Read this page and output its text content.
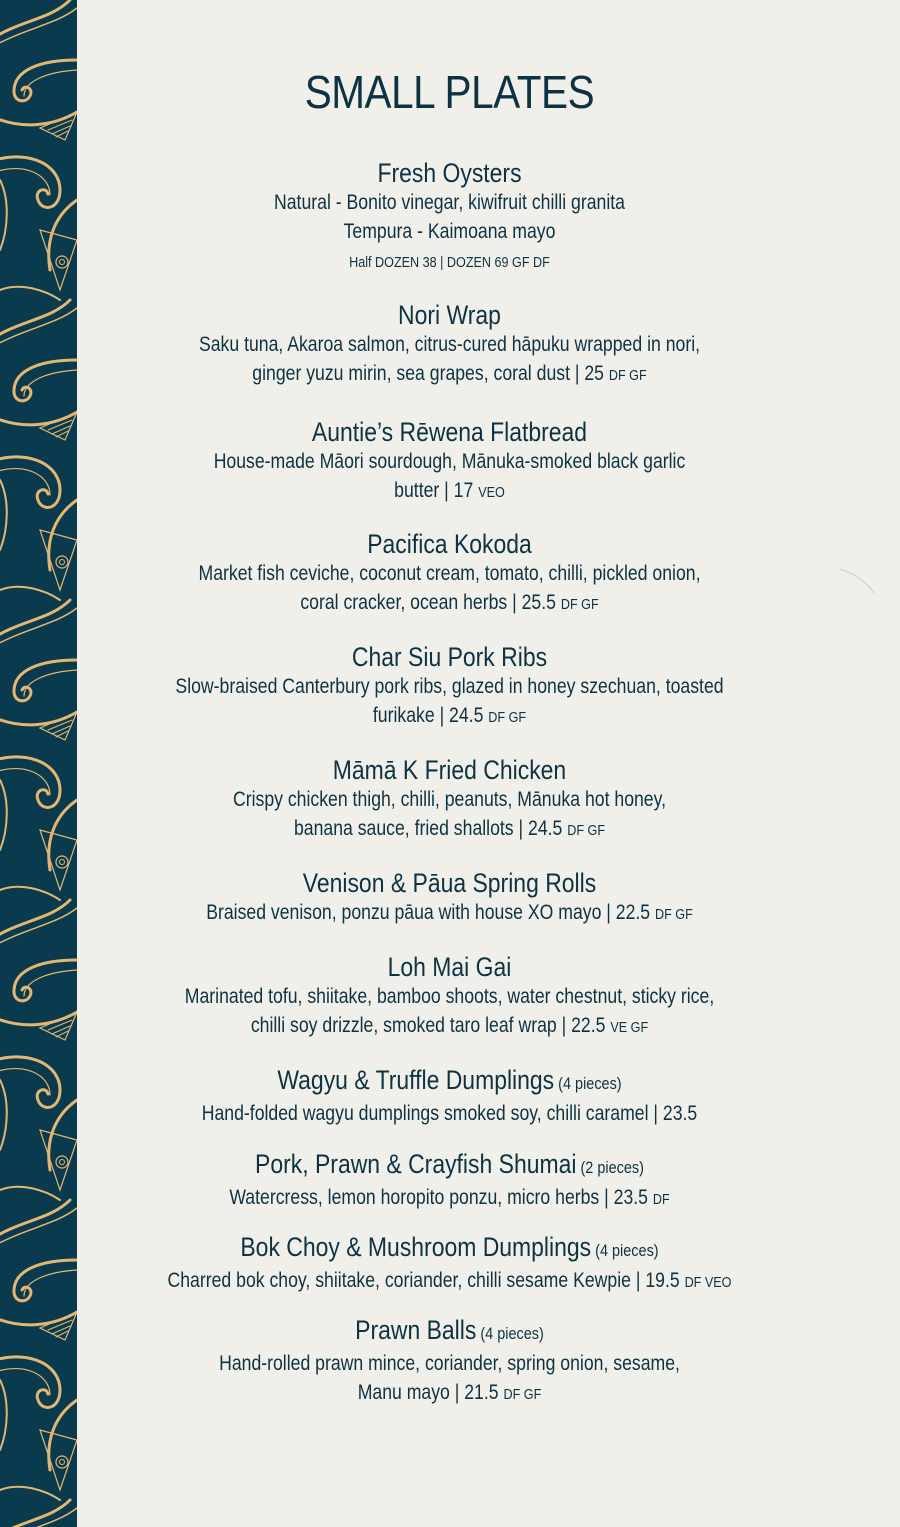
SMALL PLATES
Fresh Oysters
Natural - Bonito vinegar, kiwifruit chilli granita
Tempura - Kaimoana mayo
Half DOZEN 38 | DOZEN 69 GF DF
Nori Wrap
Saku tuna, Akaroa salmon, citrus-cured hāpuku wrapped in nori,
ginger yuzu mirin, sea grapes, coral dust | 25 DF GF
Auntie’s Rēwena Flatbread
House-made Māori sourdough, Mānuka-smoked black garlic
butter | 17 VEO
Pacifica Kokoda
Market fish ceviche, coconut cream, tomato, chilli, pickled onion,
coral cracker, ocean herbs | 25.5 DF GF
Char Siu Pork Ribs
Slow-braised Canterbury pork ribs, glazed in honey szechuan, toasted
furikake | 24.5 DF GF
Māmā K Fried Chicken
Crispy chicken thigh, chilli, peanuts, Mānuka hot honey,
banana sauce, fried shallots | 24.5 DF GF
Venison & Pāua Spring Rolls
Braised venison, ponzu pāua with house XO mayo | 22.5 DF GF
Loh Mai Gai
Marinated tofu, shiitake, bamboo shoots, water chestnut, sticky rice,
chilli soy drizzle, smoked taro leaf wrap | 22.5 VE GF
Wagyu & Truffle Dumplings (4 pieces)
Hand-folded wagyu dumplings smoked soy, chilli caramel | 23.5
Pork, Prawn & Crayfish Shumai (2 pieces)
Watercress, lemon horopito ponzu, micro herbs | 23.5 DF
Bok Choy & Mushroom Dumplings (4 pieces)
Charred bok choy, shiitake, coriander, chilli sesame Kewpie | 19.5 DF VEO
Prawn Balls (4 pieces)
Hand-rolled prawn mince, coriander, spring onion, sesame,
Manu mayo | 21.5 DF GF
